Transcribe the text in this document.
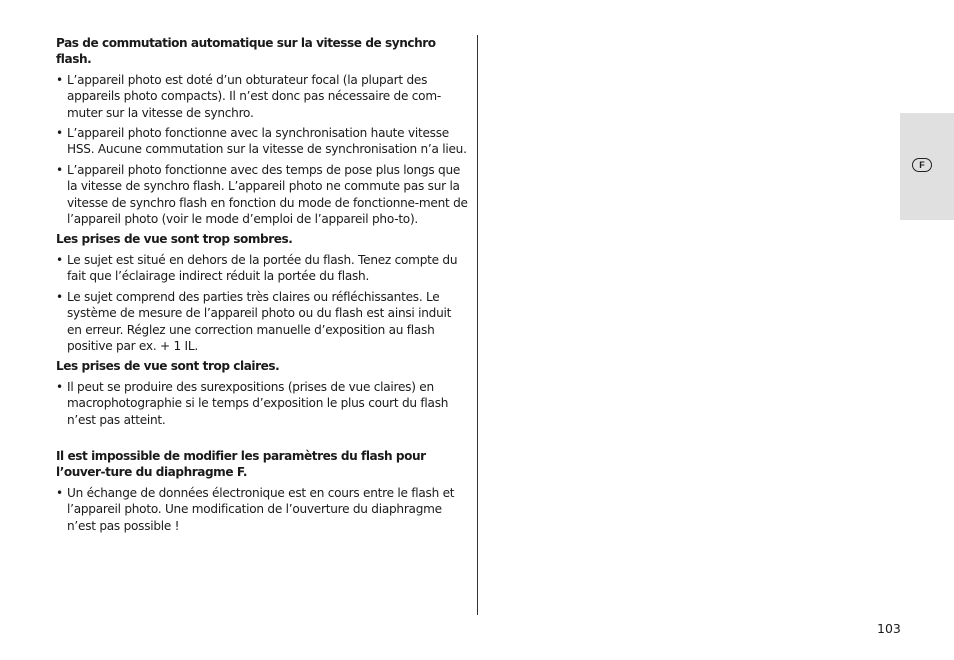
Pas de commutation automatique sur la vitesse de synchro flash.
• L’appareil photo est doté d’un obturateur focal (la plupart des appareils photo compacts). Il n’est donc pas nécessaire de com-muter sur la vitesse de synchro.
• L’appareil photo fonctionne avec la synchronisation haute vitesse HSS. Aucune commutation sur la vitesse de synchronisation n’a lieu.
• L’appareil photo fonctionne avec des temps de pose plus longs que la vitesse de synchro flash. L’appareil photo ne commute pas sur la vitesse de synchro flash en fonction du mode de fonctionne-ment de l’appareil photo (voir le mode d’emploi de l’appareil pho-to).
Les prises de vue sont trop sombres.
• Le sujet est situé en dehors de la portée du flash. Tenez compte du fait que l’éclairage indirect réduit la portée du flash.
• Le sujet comprend des parties très claires ou réfléchissantes. Le système de mesure de l’appareil photo ou du flash est ainsi induit en erreur. Réglez une correction manuelle d’exposition au flash positive par ex. + 1 IL.
Les prises de vue sont trop claires.
• Il peut se produire des surexpositions (prises de vue claires) en macrophotographie si le temps d’exposition le plus court du flash n’est pas atteint.
Il est impossible de modifier les paramètres du flash pour l’ouver-ture du diaphragme F.
• Un échange de données électronique est en cours entre le flash et l’appareil photo. Une modification de l’ouverture du diaphragme n’est pas possible !
F
103
